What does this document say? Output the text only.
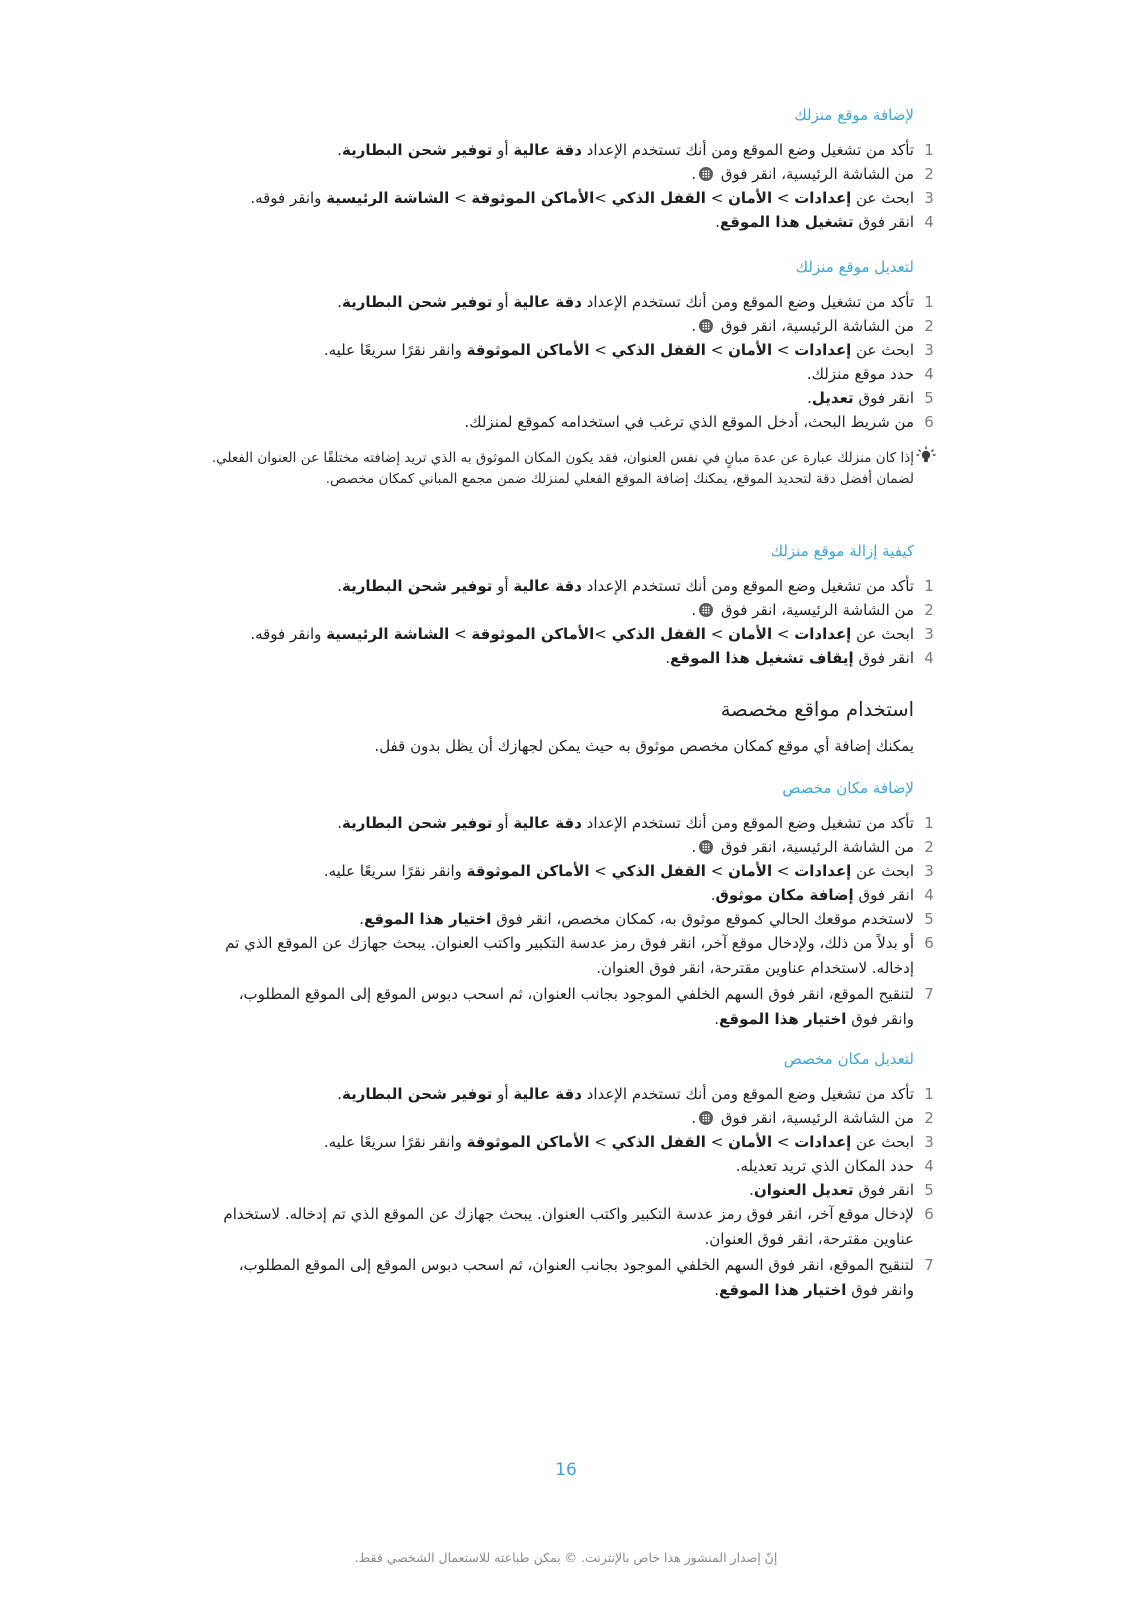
لإضافة موقع منزلك
1
تأكد من تشغيل وضع الموقع ومن أنك تستخدم الإعداد دقة عالية أو توفير شحن البطارية.
2
من الشاشة الرئيسية، انقر فوق .
3
ابحث عن إعدادات > الأمان > القفل الذكي >الأماكن الموثوقة > الشاشة الرئيسية وانقر فوقه.
4
انقر فوق تشغيل هذا الموقع.
لتعديل موقع منزلك
1
تأكد من تشغيل وضع الموقع ومن أنك تستخدم الإعداد دقة عالية أو توفير شحن البطارية.
2
من الشاشة الرئيسية، انقر فوق .
3
ابحث عن إعدادات > الأمان > القفل الذكي > الأماكن الموثوقة وانقر نقرًا سريعًا عليه.
4
حدد موقع منزلك.
5
انقر فوق تعديل.
6
من شريط البحث، أدخل الموقع الذي ترغب في استخدامه كموقع لمنزلك.
إذا كان منزلك عبارة عن عدة مبانٍ في نفس العنوان، فقد يكون المكان الموثوق به الذي تريد إضافته مختلفًا عن العنوان الفعلي. لضمان أفضل دقة لتحديد الموقع، يمكنك إضافة الموقع الفعلي لمنزلك ضمن مجمع المباني كمكان مخصص.
كيفية إزالة موقع منزلك
1
تأكد من تشغيل وضع الموقع ومن أنك تستخدم الإعداد دقة عالية أو توفير شحن البطارية.
2
من الشاشة الرئيسية، انقر فوق .
3
ابحث عن إعدادات > الأمان > القفل الذكي >الأماكن الموثوقة > الشاشة الرئيسية وانقر فوقه.
4
انقر فوق إيقاف تشغيل هذا الموقع.
استخدام مواقع مخصصة
يمكنك إضافة أي موقع كمكان مخصص موثوق به حيث يمكن لجهازك أن يظل بدون قفل.
لإضافة مكان مخصص
1
تأكد من تشغيل وضع الموقع ومن أنك تستخدم الإعداد دقة عالية أو توفير شحن البطارية.
2
من الشاشة الرئيسية، انقر فوق .
3
ابحث عن إعدادات > الأمان > القفل الذكي > الأماكن الموثوقة وانقر نقرًا سريعًا عليه.
4
انقر فوق إضافة مكان موثوق.
5
لاستخدم موقعك الحالي كموقع موثوق به، كمكان مخصص، انقر فوق اختيار هذا الموقع.
6
أو بدلاً من ذلك، ولإدخال موقع آخر، انقر فوق رمز عدسة التكبير واكتب العنوان. يبحث جهازك عن الموقع الذي تم إدخاله. لاستخدام عناوين مقترحة، انقر فوق العنوان.
7
لتنقيح الموقع، انقر فوق السهم الخلفي الموجود بجانب العنوان، ثم اسحب دبوس الموقع إلى الموقع المطلوب، وانقر فوق اختيار هذا الموقع.
لتعديل مكان مخصص
1
تأكد من تشغيل وضع الموقع ومن أنك تستخدم الإعداد دقة عالية أو توفير شحن البطارية.
2
من الشاشة الرئيسية، انقر فوق .
3
ابحث عن إعدادات > الأمان > القفل الذكي > الأماكن الموثوقة وانقر نقرًا سريعًا عليه.
4
حدد المكان الذي تريد تعديله.
5
انقر فوق تعديل العنوان.
6
لإدخال موقع آخر، انقر فوق رمز عدسة التكبير واكتب العنوان. يبحث جهازك عن الموقع الذي تم إدخاله. لاستخدام عناوين مقترحة، انقر فوق العنوان.
7
لتنقيح الموقع، انقر فوق السهم الخلفي الموجود بجانب العنوان، ثم اسحب دبوس الموقع إلى الموقع المطلوب، وانقر فوق اختيار هذا الموقع.
16
إنّ إصدار المنشور هذا خاص بالإنترنت. © يمكن طباعته للاستعمال الشخصي فقط.
